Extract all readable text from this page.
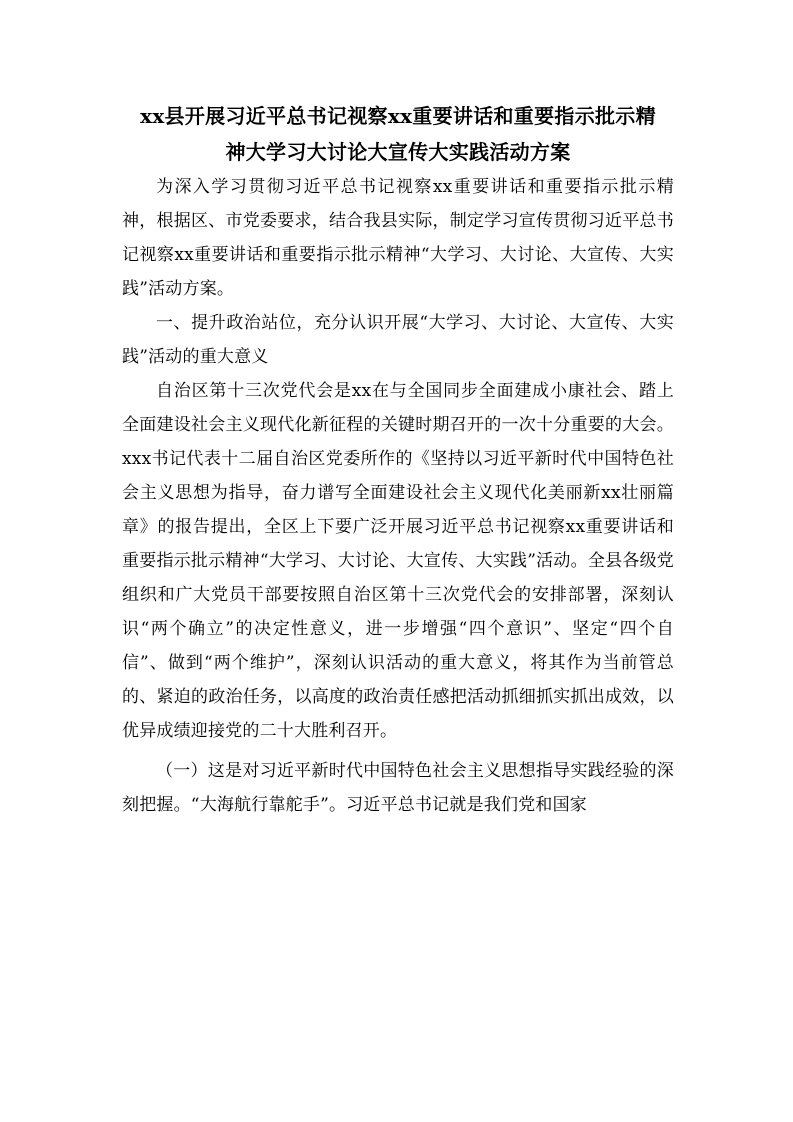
xx县开展习近平总书记视察xx重要讲话和重要指示批示精
神大学习大讨论大宣传大实践活动方案

为深入学习贯彻习近平总书记视察xx重要讲话和重要指示批示精神，根据区、市党委要求，结合我县实际，制定学习宣传贯彻习近平总书记视察xx重要讲话和重要指示批示精神“大学习、大讨论、大宣传、大实践”活动方案。

一、提升政治站位，充分认识开展“大学习、大讨论、大宣传、大实践”活动的重大意义

自治区第十三次党代会是xx在与全国同步全面建成小康社会、踏上全面建设社会主义现代化新征程的关键时期召开的一次十分重要的大会。xxx书记代表十二届自治区党委所作的《坚持以习近平新时代中国特色社会主义思想为指导，奋力谱写全面建设社会主义现代化美丽新xx壮丽篇章》的报告提出，全区上下要广泛开展习近平总书记视察xx重要讲话和重要指示批示精神“大学习、大讨论、大宣传、大实践”活动。全县各级党组织和广大党员干部要按照自治区第十三次党代会的安排部署，深刻认识“两个确立”的决定性意义，进一步增强“四个意识”、坚定“四个自信”、做到“两个维护”，深刻认识活动的重大意义，将其作为当前管总的、紧迫的政治任务，以高度的政治责任感把活动抓细抓实抓出成效，以优异成绩迎接党的二十大胜利召开。

（一）这是对习近平新时代中国特色社会主义思想指导实践经验的深刻把握。“大海航行靠舵手”。习近平总书记就是我们党和国家
